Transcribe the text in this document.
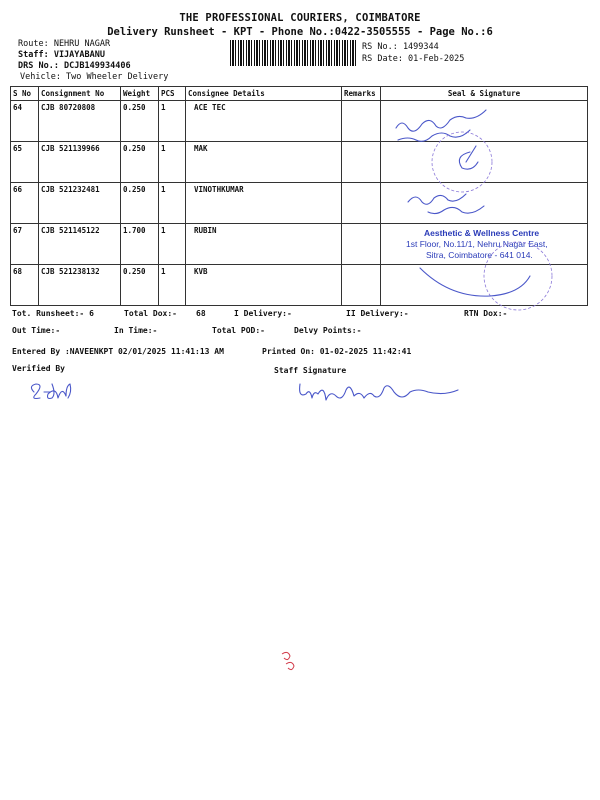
THE PROFESSIONAL COURIERS, COIMBATORE
Delivery Runsheet - KPT - Phone No.:0422-3505555 - Page No.:6
Route: NEHRU NAGAR
Staff: VIJAYABANU
DRS No.: DCJB149934406
Vehicle: Two Wheeler Delivery
RS No.: 1499344
RS Date: 01-Feb-2025
S No	Consignment No	Weight	PCS	Consignee Details	Remarks	Seal & Signature
64	CJB 80720808	0.250	1	ACE TEC		
65	CJB 521139966	0.250	1	MAK		
66	CJB 521232481	0.250	1	VINOTHKUMAR		
67	CJB 521145122	1.700	1	RUBIN		
68	CJB 521238132	0.250	1	KVB		
Aesthetic & Wellness Centre
1st Floor, No.11/1, Nehru Nagar East,
Sitra, Coimbatore - 641 014.
Tot. Runsheet:- 6	Total Dox:- 68	I Delivery:-	II Delivery:-	RTN Dox:-
Out Time:-	In Time:-	Total POD:-	Delvy Points:-
Entered By :NAVEENKPT 02/01/2025 11:41:13 AM	Printed On: 01-02-2025 11:42:41
Verified By	Staff Signature
